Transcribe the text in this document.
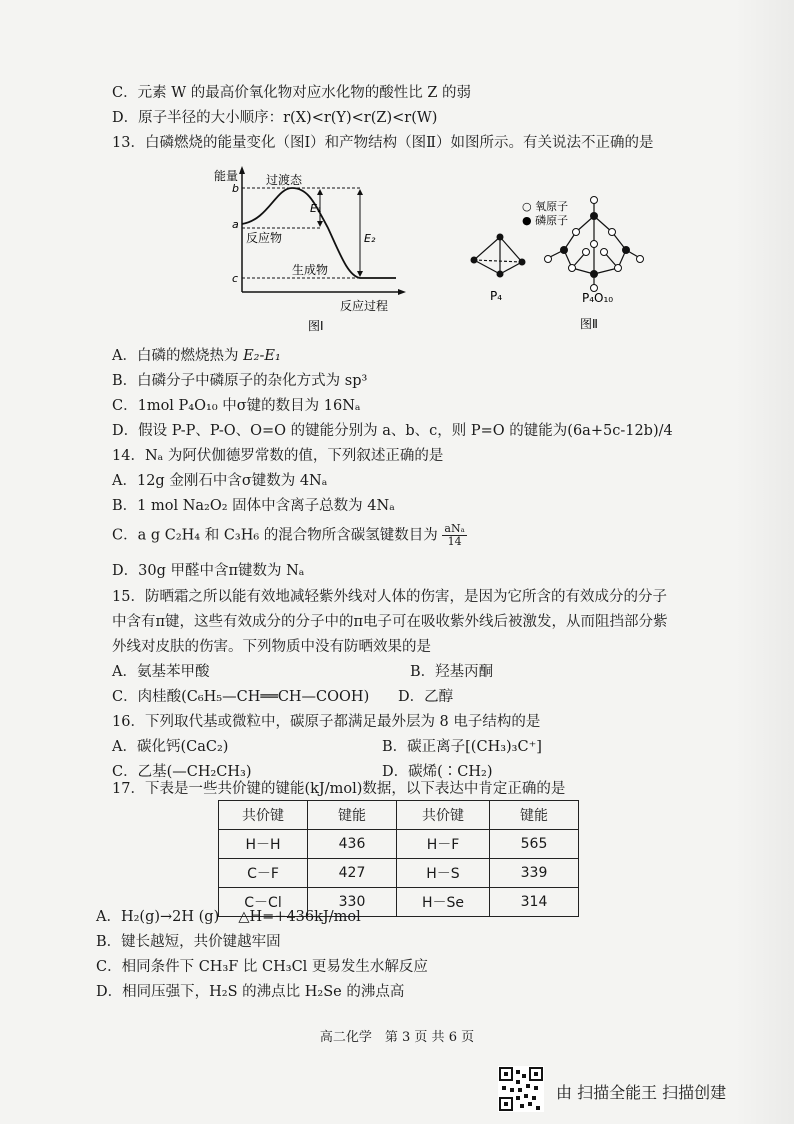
C．元素 W 的最高价氧化物对应水化物的酸性比 Z 的弱
D．原子半径的大小顺序：r(X)<r(Y)<r(Z)<r(W)
13．白磷燃烧的能量变化（图Ⅰ）和产物结构（图Ⅱ）如图所示。有关说法不正确的是
能量
反应过程
过渡态
反应物
生成物
E₁
E₂
b
a
c
图Ⅰ
○ 氧原子
● 磷原子
P₄	P₄O₁₀
图Ⅱ
A．白磷的燃烧热为 E₂-E₁
B．白磷分子中磷原子的杂化方式为 sp³
C．1mol P₄O₁₀ 中σ键的数目为 16Nₐ
D．假设 P-P、P-O、O=O 的键能分别为 a、b、c，则 P=O 的键能为(6a+5c-12b)/4
14．Nₐ 为阿伏伽德罗常数的值，下列叙述正确的是
A．12g 金刚石中含σ键数为 4Nₐ
B．1 mol Na₂O₂ 固体中含离子总数为 4Nₐ
C．a g C₂H₄ 和 C₃H₆ 的混合物所含碳氢键数目为 $\frac{\text{aNₐ}}{14}$
D．30g 甲醛中含π键数为 Nₐ
15．防晒霜之所以能有效地减轻紫外线对人体的伤害，是因为它所含的有效成分的分子
中含有π键，这些有效成分的分子中的π电子可在吸收紫外线后被激发，从而阻挡部分紫
外线对皮肤的伤害。下列物质中没有防晒效果的是
A．氨基苯甲酸	B．羟基丙酮
C．肉桂酸(C₆H₅—CH══CH—COOH) D．乙醇
16．下列取代基或微粒中，碳原子都满足最外层为 8 电子结构的是
A．碳化钙(CaC₂)	B．碳正离子[(CH₃)₃C⁺]
C．乙基(—CH₂CH₃)	D．碳烯(∶CH₂)
17．下表是一些共价键的键能(kJ/mol)数据，以下表达中肯定正确的是
共价键	键能	共价键	键能
H－H	436	H－F	565
C－F	427	H－S	339
C－Cl	330	H－Se	314
A．H₂(g)→2H (g)　 △H=+436kJ/mol
B．键长越短，共价键越牢固
C．相同条件下 CH₃F 比 CH₃Cl 更易发生水解反应
D．相同压强下，H₂S 的沸点比 H₂Se 的沸点高
高二化学　第 3 页 共 6 页
由 扫描全能王 扫描创建
